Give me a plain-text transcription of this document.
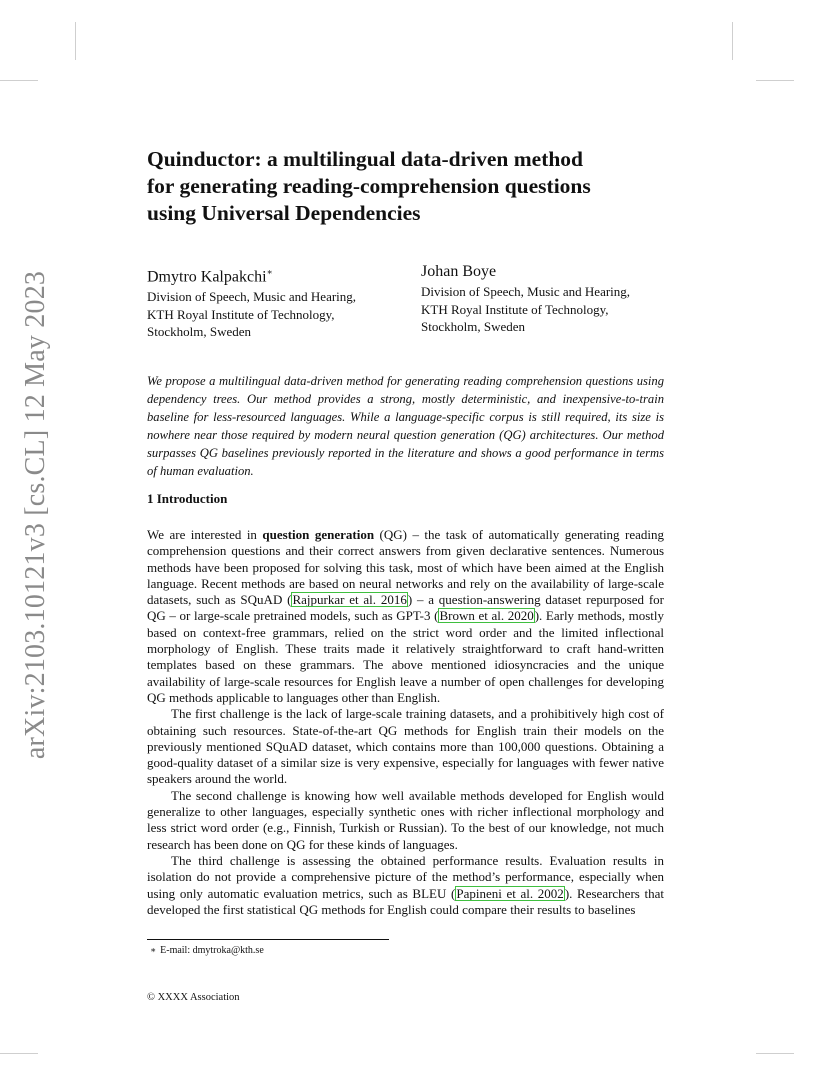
arXiv:2103.10121v3 [cs.CL] 12 May 2023
Quinductor: a multilingual data-driven method
for generating reading-comprehension questions
using Universal Dependencies
Dmytro Kalpakchi∗
Division of Speech, Music and Hearing,
KTH Royal Institute of Technology,
Stockholm, Sweden
Johan Boye
Division of Speech, Music and Hearing,
KTH Royal Institute of Technology,
Stockholm, Sweden
We propose a multilingual data-driven method for generating reading comprehension questions using dependency trees. Our method provides a strong, mostly deterministic, and inexpensive-to-train baseline for less-resourced languages. While a language-specific corpus is still required, its size is nowhere near those required by modern neural question generation (QG) architectures. Our method surpasses QG baselines previously reported in the literature and shows a good performance in terms of human evaluation.
1 Introduction

We are interested in question generation (QG) – the task of automatically generating reading comprehension questions and their correct answers from given declarative sentences. Numerous methods have been proposed for solving this task, most of which have been aimed at the English language. Recent methods are based on neural networks and rely on the availability of large-scale datasets, such as SQuAD (Rajpurkar et al. 2016) – a question-answering dataset repurposed for QG – or large-scale pretrained models, such as GPT-3 (Brown et al. 2020). Early methods, mostly based on context-free grammars, relied on the strict word order and the limited inflectional morphology of English. These traits made it relatively straightforward to craft hand-written templates based on these grammars. The above mentioned idiosyncracies and the unique availability of large-scale resources for English leave a number of open challenges for developing QG methods applicable to languages other than English.

The first challenge is the lack of large-scale training datasets, and a prohibitively high cost of obtaining such resources. State-of-the-art QG methods for English train their models on the previously mentioned SQuAD dataset, which contains more than 100,000 questions. Obtaining a good-quality dataset of a similar size is very expensive, especially for languages with fewer native speakers around the world.

The second challenge is knowing how well available methods developed for English would generalize to other languages, especially synthetic ones with richer inflectional morphology and less strict word order (e.g., Finnish, Turkish or Russian). To the best of our knowledge, not much research has been done on QG for these kinds of languages.

The third challenge is assessing the obtained performance results. Evaluation results in isolation do not provide a comprehensive picture of the method’s performance, especially when using only automatic evaluation metrics, such as BLEU (Papineni et al. 2002). Researchers that developed the first statistical QG methods for English could compare their results to baselines

∗ E-mail: dmytroka@kth.se
© XXXX Association
